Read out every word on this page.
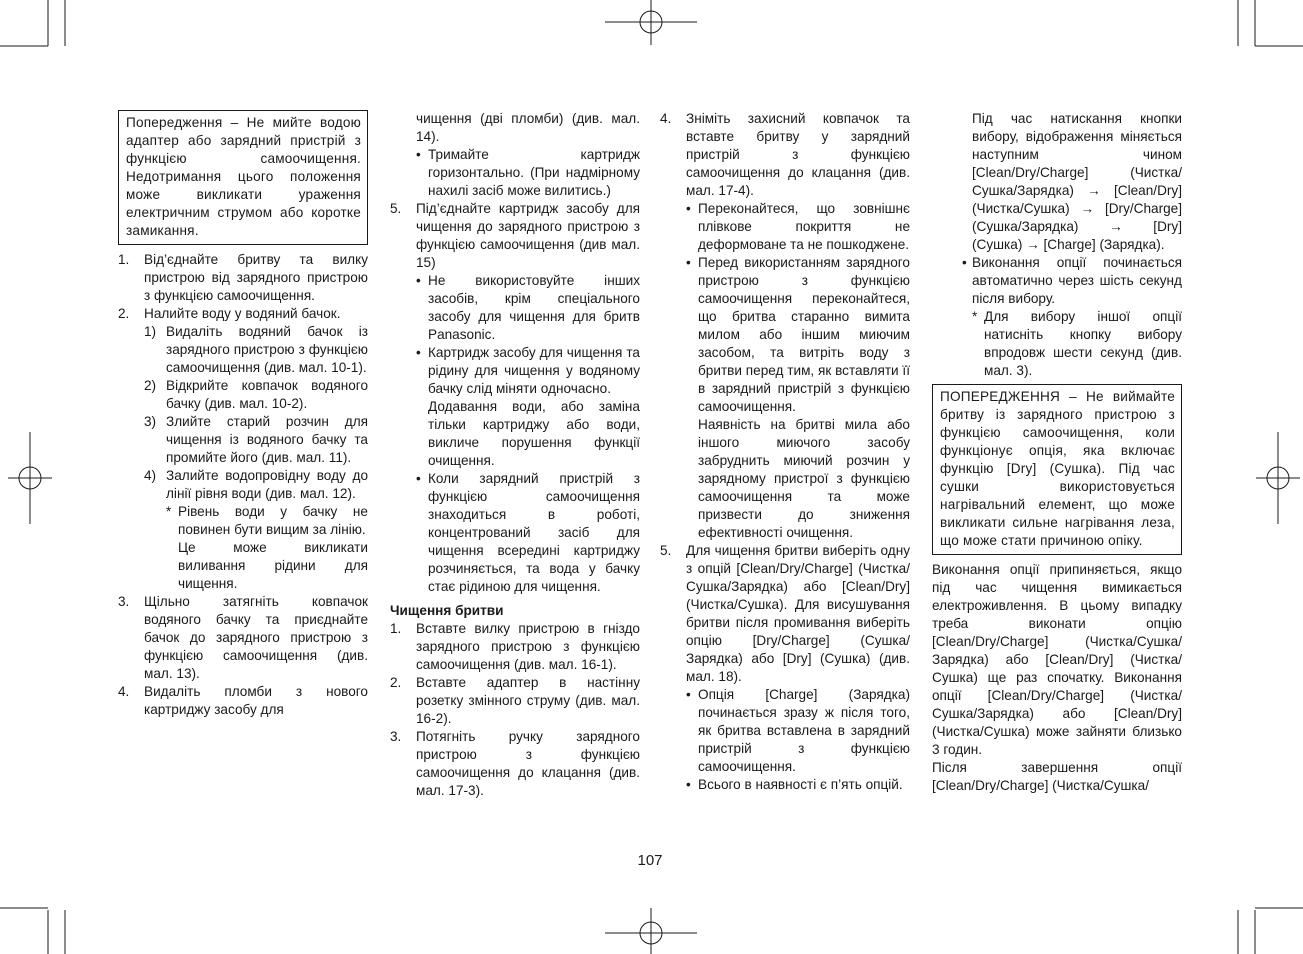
Попередження – Не мийте водою адаптер або зарядний пристрій з функцією самоочищення. Недотримання цього положення може викликати ураження електричним струмом або коротке замикання.
1.	Від’єднайте бритву та вилку пристрою від зарядного пристрою з функцією самоочищення.
2.	Налийте воду у водяний бачок.
1) Видаліть водяний бачок із зарядного пристрою з функцією самоочищення (див. мал. 10-1).
2) Відкрийте ковпачок водяного бачку (див. мал. 10-2).
3) Злийте старий розчин для чищення із водяного бачку та промийте його (див. мал. 11).
4) Залийте водопровідну воду до лінії рівня води (див. мал. 12).
* Рівень води у бачку не повинен бути вищим за лінію.
Це може викликати виливання рідини для чищення.
3.	Щільно затягніть ковпачок водяного бачку та приєднайте бачок до зарядного пристрою з функцією самоочищення (див. мал. 13).
4.	Видаліть пломби з нового картриджу засобу для
чищення (дві пломби) (див. мал. 14).
• Тримайте картридж горизонтально. (При надмірному нахилі засіб може вилитись.)
5.	Під’єднайте картридж засобу для чищення до зарядного пристрою з функцією самоочищення (див мал. 15)
• Не використовуйте інших засобів, крім спеціального засобу для чищення для бритв Panasonic.
• Картридж засобу для чищення та рідину для чищення у водяному бачку слід міняти одночасно.
Додавання води, або заміна тільки картриджу або води, викличе порушення функції очищення.
• Коли зарядний пристрій з функцією самоочищення знаходиться в роботі, концентрований засіб для чищення всередині картриджу розчиняється, та вода у бачку стає рідиною для чищення.
Чищення бритви
1.	Вставте вилку пристрою в гніздо зарядного пристрою з функцією самоочищення (див. мал. 16-1).
2.	Вставте адаптер в настінну розетку змінного струму (див. мал. 16-2).
3.	Потягніть ручку зарядного пристрою з функцією самоочищення до клацання (див. мал. 17-3).
4.	Зніміть захисний ковпачок та вставте бритву у зарядний пристрій з функцією самоочищення до клацання (див. мал. 17-4).
• Переконайтеся, що зовнішнє плівкове покриття не деформоване та не пошкоджене.
• Перед використанням зарядного пристрою з функцією самоочищення переконайтеся, що бритва старанно вимита милом або іншим миючим засобом, та витріть воду з бритви перед тим, як вставляти її в зарядний пристрій з функцією самоочищення.
Наявність на бритві мила або іншого миючого засобу забруднить миючий розчин у зарядному пристрої з функцією самоочищення та може призвести до зниження ефективності очищення.
5.	Для чищення бритви виберіть одну з опцій [Clean/Dry/Charge] (Чистка/Сушка/Зарядка) або [Clean/Dry] (Чистка/Сушка). Для висушування бритви після промивання виберіть опцію [Dry/Charge] (Сушка/Зарядка) або [Dry] (Сушка) (див. мал. 18).
• Опція [Charge] (Зарядка) починається зразу ж після того, як бритва вставлена в зарядний пристрій з функцією самоочищення.
• Всього в наявності є п’ять опцій.
Під час натискання кнопки вибору, відображення міняється наступним чином [Clean/Dry/Charge] (Чистка/Сушка/Зарядка) → [Clean/Dry] (Чистка/Сушка) → [Dry/Charge] (Сушка/Зарядка) → [Dry] (Сушка) → [Charge] (Зарядка).
• Виконання опції починається автоматично через шість секунд після вибору.
* Для вибору іншої опції натисніть кнопку вибору впродовж шести секунд (див. мал. 3).
ПОПЕРЕДЖЕННЯ – Не виймайте бритву із зарядного пристрою з функцією самоочищення, коли функціонує опція, яка включає функцію [Dry] (Сушка). Під час сушки використовується нагрівальний елемент, що може викликати сильне нагрівання леза, що може стати причиною опіку.
Виконання опції припиняється, якщо під час чищення вимикається електроживлення. В цьому випадку треба виконати опцію [Clean/Dry/Charge] (Чистка/Сушка/Зарядка) або [Clean/Dry] (Чистка/Сушка) ще раз спочатку. Виконання опції [Clean/Dry/Charge] (Чистка/Сушка/Зарядка) або [Clean/Dry] (Чистка/Сушка) може зайняти близько 3 годин.
Після завершення опції [Clean/Dry/Charge] (Чистка/Сушка/
107
